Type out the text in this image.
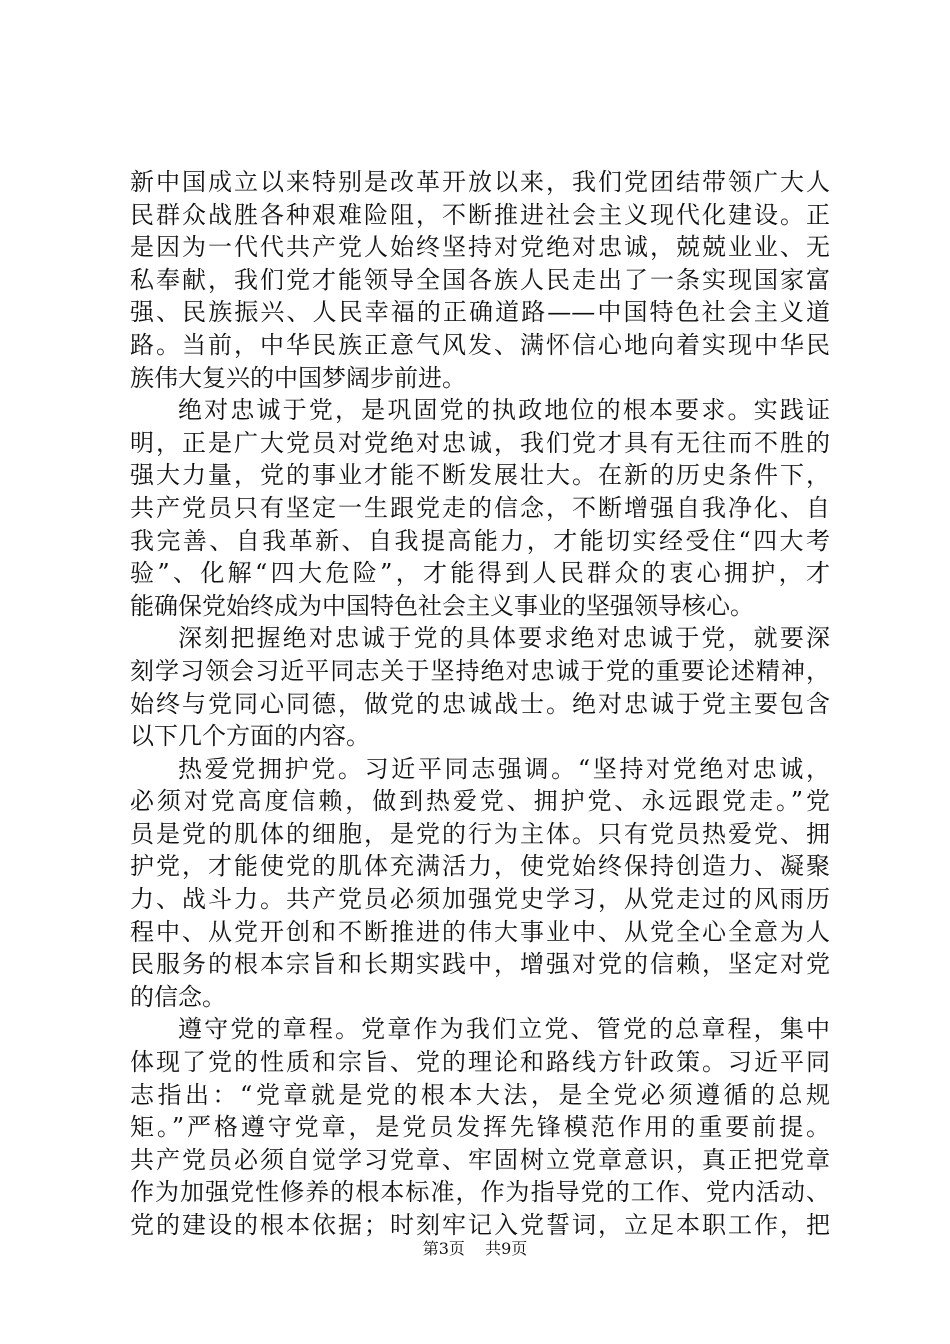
新中国成立以来特别是改革开放以来，我们党团结带领广大人
民群众战胜各种艰难险阻，不断推进社会主义现代化建设。正
是因为一代代共产党人始终坚持对党绝对忠诚，兢兢业业、无
私奉献，我们党才能领导全国各族人民走出了一条实现国家富
强、民族振兴、人民幸福的正确道路——中国特色社会主义道
路。当前，中华民族正意气风发、满怀信心地向着实现中华民
族伟大复兴的中国梦阔步前进。
绝对忠诚于党，是巩固党的执政地位的根本要求。实践证
明，正是广大党员对党绝对忠诚，我们党才具有无往而不胜的
强大力量，党的事业才能不断发展壮大。在新的历史条件下，
共产党员只有坚定一生跟党走的信念，不断增强自我净化、自
我完善、自我革新、自我提高能力，才能切实经受住“四大考
验”、化解“四大危险”，才能得到人民群众的衷心拥护，才
能确保党始终成为中国特色社会主义事业的坚强领导核心。
深刻把握绝对忠诚于党的具体要求绝对忠诚于党，就要深
刻学习领会习近平同志关于坚持绝对忠诚于党的重要论述精神，
始终与党同心同德，做党的忠诚战士。绝对忠诚于党主要包含
以下几个方面的内容。
热爱党拥护党。习近平同志强调。“坚持对党绝对忠诚，
必须对党高度信赖，做到热爱党、拥护党、永远跟党走。”党
员是党的肌体的细胞，是党的行为主体。只有党员热爱党、拥
护党，才能使党的肌体充满活力，使党始终保持创造力、凝聚
力、战斗力。共产党员必须加强党史学习，从党走过的风雨历
程中、从党开创和不断推进的伟大事业中、从党全心全意为人
民服务的根本宗旨和长期实践中，增强对党的信赖，坚定对党
的信念。
遵守党的章程。党章作为我们立党、管党的总章程，集中
体现了党的性质和宗旨、党的理论和路线方针政策。习近平同
志指出：“党章就是党的根本大法，是全党必须遵循的总规
矩。”严格遵守党章，是党员发挥先锋模范作用的重要前提。
共产党员必须自觉学习党章、牢固树立党章意识，真正把党章
作为加强党性修养的根本标准，作为指导党的工作、党内活动、
党的建设的根本依据；时刻牢记入党誓词，立足本职工作，把
第3页 共9页
